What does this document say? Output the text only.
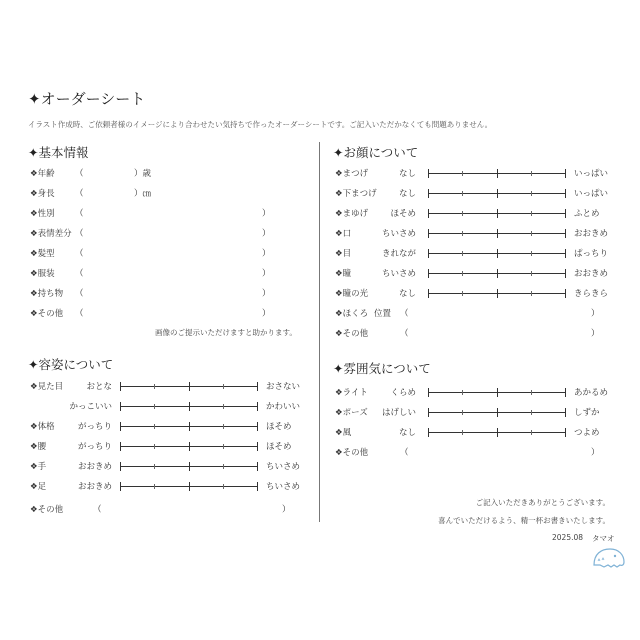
✦オーダーシート
イラスト作成時、ご依頼者様のイメージにより合わせたい気持ちで作ったオーダーシートです。ご記入いただかなくても問題ありません。
✦基本情報
❖年齢 （	）歳
❖身長 （	）㎝
❖性別 （	）
❖表情差分 （	）
❖髪型 （	）
❖服装 （	）
❖持ち物 （	）
❖その他 （	）
画像のご提示いただけますと助かります。
✦容姿について
❖見た目	おとな	おさない
かっこいい	かわいい
❖体格	がっちり	ほそめ
❖腰	がっちり	ほそめ
❖手	おおきめ	ちいさめ
❖足	おおきめ	ちいさめ
❖その他	（	）
✦お顔について
❖まつげ	なし	いっぱい
❖下まつげ	なし	いっぱい
❖まゆげ	ほそめ	ふとめ
❖口	ちいさめ	おおきめ
❖目	きれなが	ぱっちり
❖瞳	ちいさめ	おおきめ
❖瞳の光	なし	きらきら
❖ほくろ 位置 （	）
❖その他	（	）
✦雰囲気について
❖ライト	くらめ	あかるめ
❖ポーズ はげしい	しずか
❖風	なし	つよめ
❖その他	（	）
ご記入いただきありがとうございます。
喜んでいただけるよう、精一杯お書きいたします。
2025.08 タマオ
